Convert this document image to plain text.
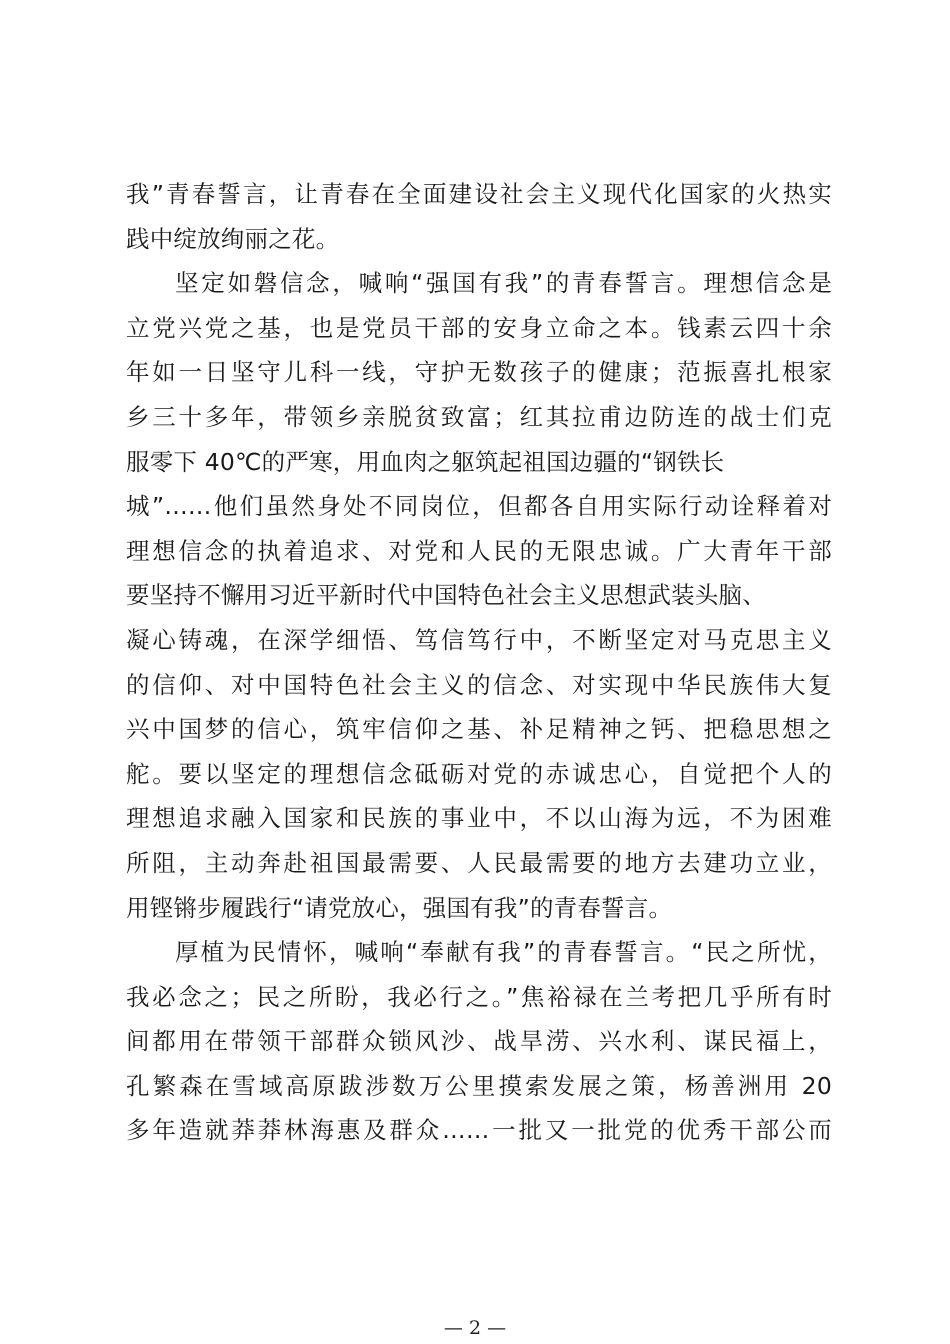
我”青春誓言，让青春在全面建设社会主义现代化国家的火热实
践中绽放绚丽之花。
坚定如磐信念，喊响“强国有我”的青春誓言。理想信念是
立党兴党之基，也是党员干部的安身立命之本。钱素云四十余
年如一日坚守儿科一线，守护无数孩子的健康；范振喜扎根家
乡三十多年，带领乡亲脱贫致富；红其拉甫边防连的战士们克
服零下 40℃的严寒，用血肉之躯筑起祖国边疆的“钢铁长
城”……他们虽然身处不同岗位，但都各自用实际行动诠释着对
理想信念的执着追求、对党和人民的无限忠诚。广大青年干部
要坚持不懈用习近平新时代中国特色社会主义思想武装头脑、
凝心铸魂，在深学细悟、笃信笃行中，不断坚定对马克思主义
的信仰、对中国特色社会主义的信念、对实现中华民族伟大复
兴中国梦的信心，筑牢信仰之基、补足精神之钙、把稳思想之
舵。要以坚定的理想信念砥砺对党的赤诚忠心，自觉把个人的
理想追求融入国家和民族的事业中，不以山海为远，不为困难
所阻，主动奔赴祖国最需要、人民最需要的地方去建功立业，
用铿锵步履践行“请党放心，强国有我”的青春誓言。
厚植为民情怀，喊响“奉献有我”的青春誓言。“民之所忧，
我必念之；民之所盼，我必行之。”焦裕禄在兰考把几乎所有时
间都用在带领干部群众锁风沙、战旱涝、兴水利、谋民福上，
孔繁森在雪域高原跋涉数万公里摸索发展之策，杨善洲用 20
多年造就莽莽林海惠及群众……一批又一批党的优秀干部公而
— 2 —
